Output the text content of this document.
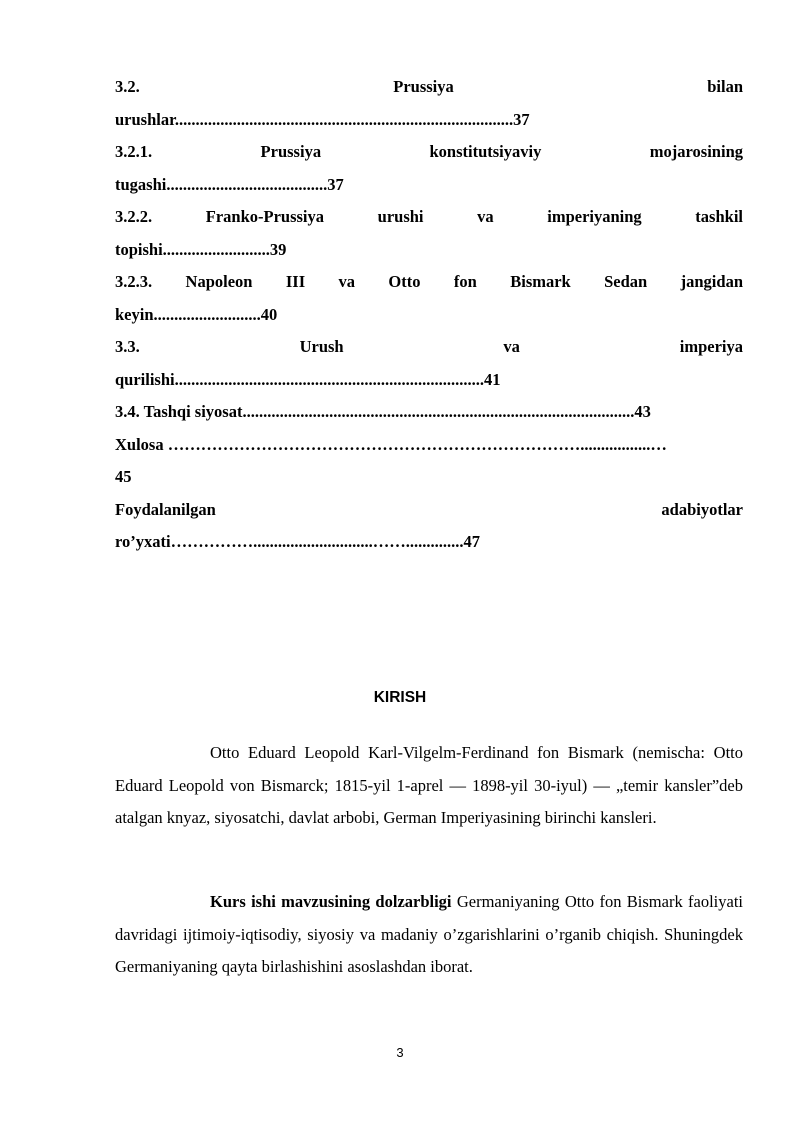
3.2. Prussiya bilan
urushlar..................................................................................37
3.2.1. Prussiya konstitutsiyaviy mojarosining
tugashi.......................................37
3.2.2. Franko-Prussiya urushi va imperiyaning tashkil
topishi..........................39
3.2.3. Napoleon III va Otto fon Bismark Sedan jangidan
keyin..........................40
3.3. Urush va imperiya
qurilishi...........................................................................41
3.4. Tashqi siyosat...............................................................................................43
Xulosa ………………………………………………………………….................…
45
Foydalanilgan adabiyotlar
ro’yxati…………….............................……..............47
KIRISH
Otto Eduard Leopold Karl-Vilgelm-Ferdinand fon Bismark (nemischa: Otto Eduard Leopold von Bismarck; 1815-yil 1-aprel — 1898-yil 30-iyul) — „temir kansler”deb atalgan knyaz, siyosatchi, davlat arbobi, German Imperiyasining birinchi kansleri.
Kurs ishi mavzusining dolzarbligi Germaniyaning Otto fon Bismark faoliyati davridagi ijtimoiy-iqtisodiy, siyosiy va madaniy o’zgarishlarini o’rganib chiqish. Shuningdek Germaniyaning qayta birlashishini asoslashdan iborat.
3
